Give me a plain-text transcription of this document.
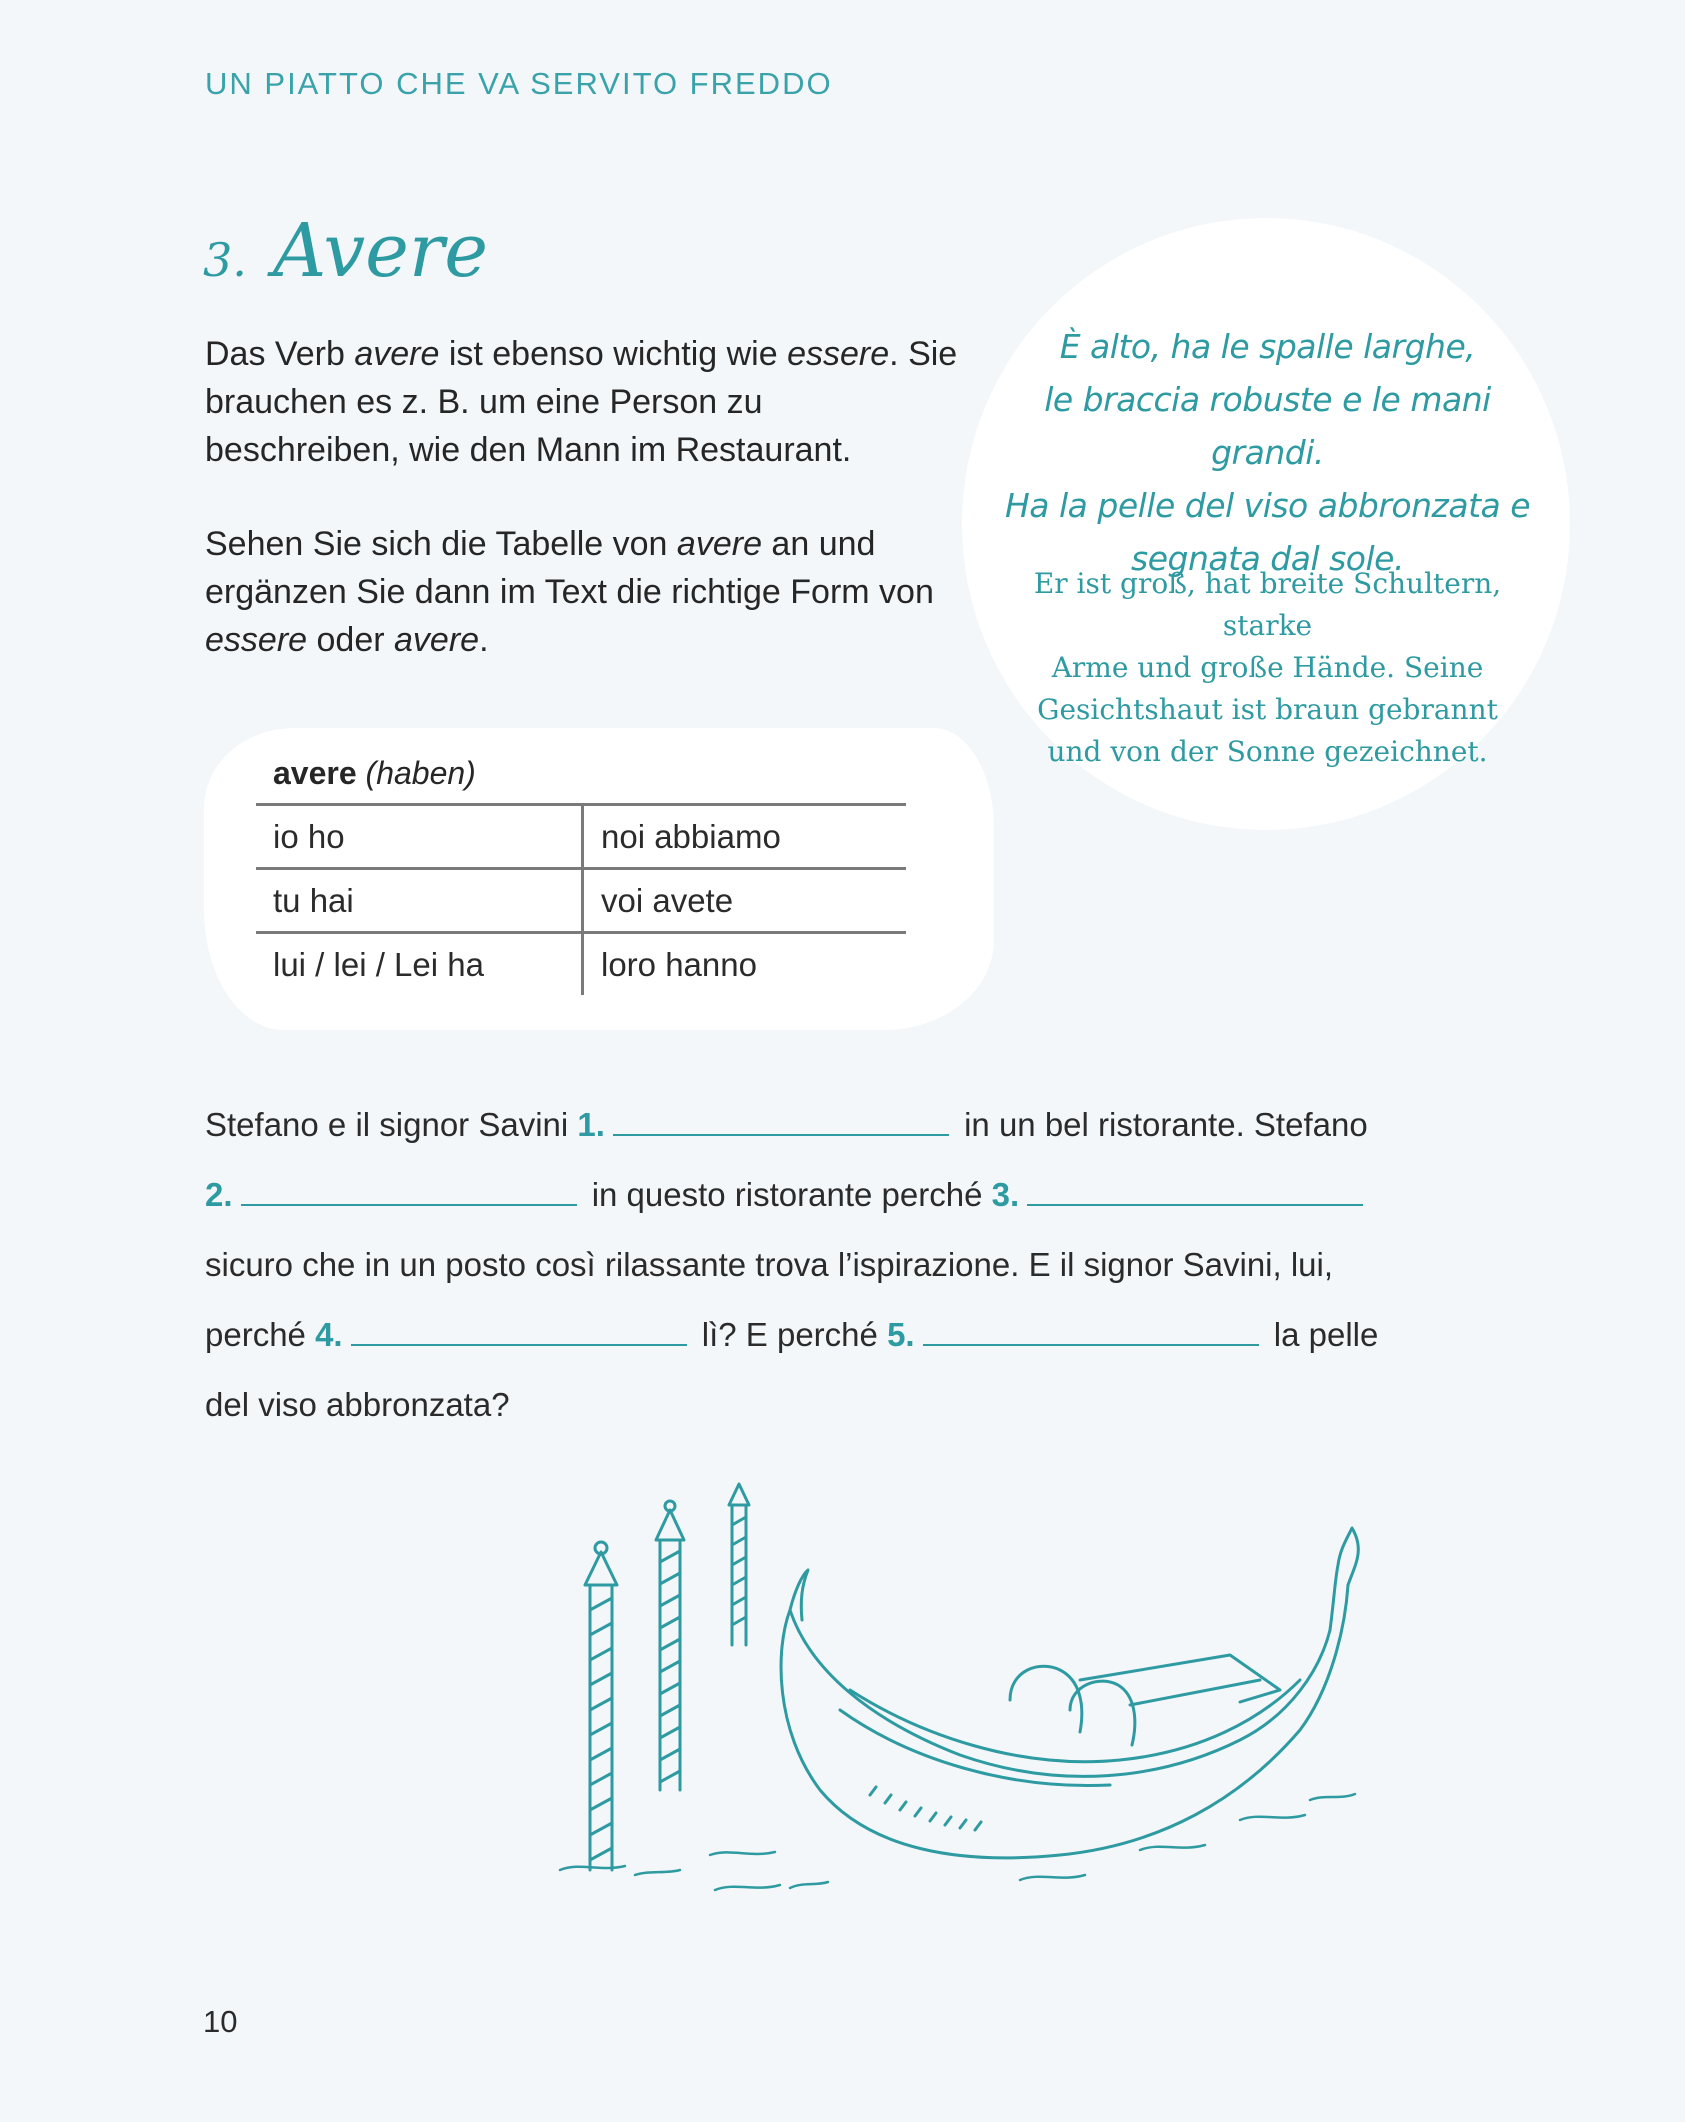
UN PIATTO CHE VA SERVITO FREDDO
3. Avere
Das Verb avere ist ebenso wichtig wie essere. Sie brauchen es z. B. um eine Person zu beschreiben, wie den Mann im Restaurant.
Sehen Sie sich die Tabelle von avere an und ergänzen Sie dann im Text die richtige Form von essere oder avere.
È alto, ha le spalle larghe,
le braccia robuste e le mani grandi.
Ha la pelle del viso abbronzata e
segnata dal sole.
Er ist groß, hat breite Schultern, starke
Arme und große Hände. Seine
Gesichtshaut ist braun gebrannt
und von der Sonne gezeichnet.
avere (haben)
io ho	noi abbiamo
tu hai	voi avete
lui / lei / Lei ha	loro hanno
Stefano e il signor Savini 1.	in un bel ristorante. Stefano
2.	in questo ristorante perché 3.
sicuro che in un posto così rilassante trova l’ispirazione. E il signor Savini, lui,
perché 4.	lì? E perché 5.	la pelle
del viso abbronzata?
10
